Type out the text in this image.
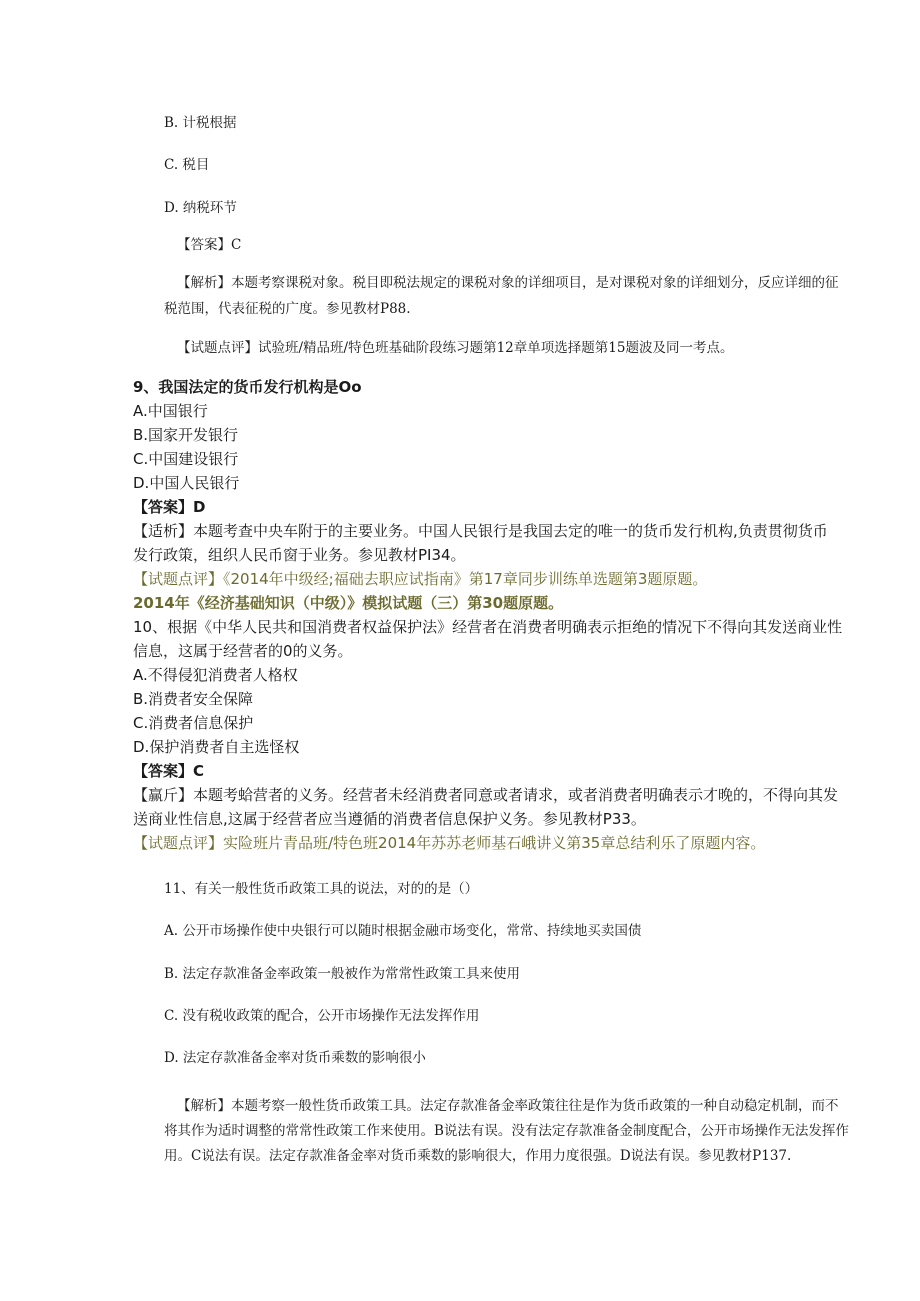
B. 计税根据
C. 税目
D. 纳税环节
【答案】C
【解析】本题考察课税对象。税目即税法规定的课税对象的详细项目，是对课税对象的详细划分，反应详细的征
税范围，代表征税的广度。参见教材P88.
【试题点评】试验班/精品班/特色班基础阶段练习题第12章单项选择题第15题波及同一考点。
9、我国法定的货币发行机构是Oo
A.中国银行
B.国家开发银行
C.中国建设银行
D.中国人民银行
【答案】D
【适析】本题考查中央车附于的主要业务。中国人民银行是我国去定的唯一的货币发行机构,负责贯彻货币
发行政策，组织人民币窗于业务。参见教材PI34。
【试题点评】《2014年中级经;福础去职应试指南》第17章同步训练单选题第3题原题。
2014年《经济基础知识（中级）》模拟试题（三）第30题原题。
10、根据《中华人民共和国消费者权益保护法》经营者在消费者明确表示拒绝的情况下不得向其发送商业性
信息，这属于经营者的0的义务。
A.不得侵犯消费者人格权
B.消费者安全保障
C.消费者信息保护
D.保护消费者自主选怪权
【答案】C
【赢斤】本题考蛤营者的义务。经营者未经消费者同意或者请求，或者消费者明确表示才晚的，不得向其发
送商业性信息,这属于经营者应当遵循的消费者信息保护义务。参见教材P33。
【试题点评】实险班片青品班/特色班2014年苏苏老师基石峨讲义第35章总结利乐了原题内容。
11、有关一般性货币政策工具的说法，对的的是（）
A. 公开市场操作使中央银行可以随时根据金融市场变化，常常、持续地买卖国债
B. 法定存款准备金率政策一般被作为常常性政策工具来使用
C. 没有税收政策的配合，公开市场操作无法发挥作用
D. 法定存款准备金率对货币乘数的影响很小
【解析】本题考察一般性货币政策工具。法定存款准备金率政策往往是作为货币政策的一种自动稳定机制，而不
将其作为适时调整的常常性政策工作来使用。B说法有误。没有法定存款准备金制度配合，公开市场操作无法发挥作
用。C说法有误。法定存款准备金率对货币乘数的影响很大，作用力度很强。D说法有误。参见教材P137.
